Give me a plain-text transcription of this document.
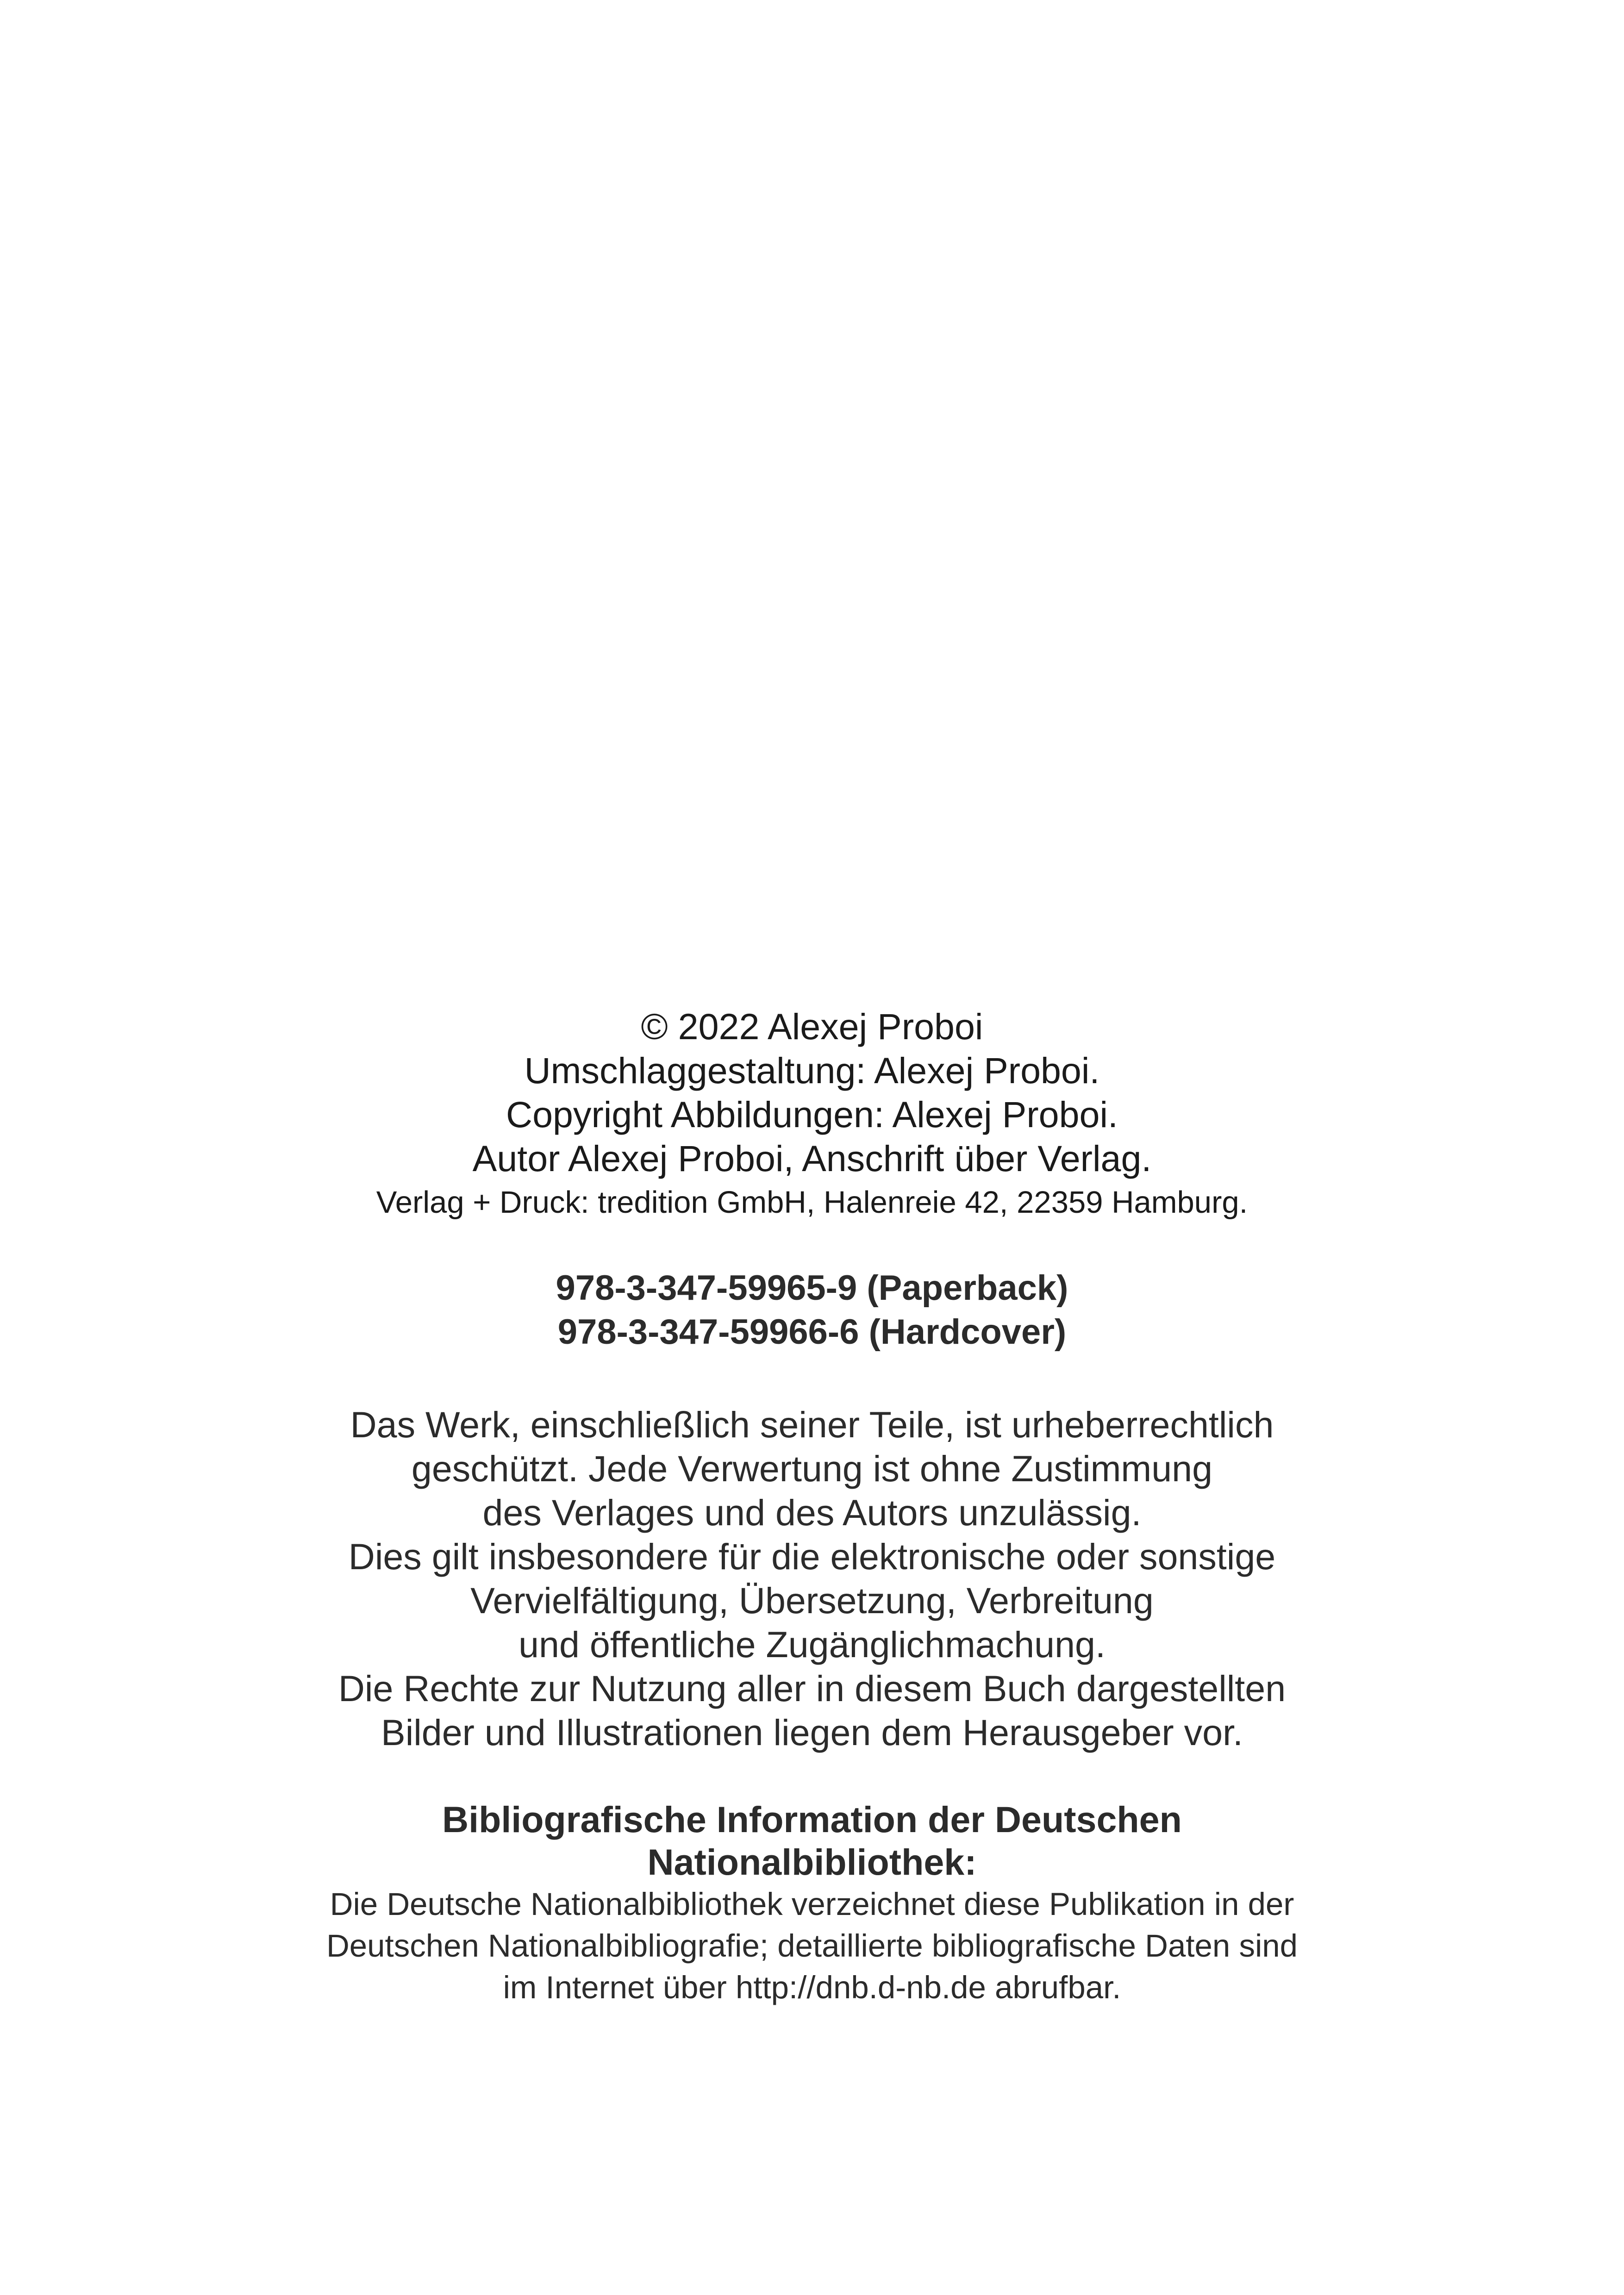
© 2022 Alexej Proboi
Umschlaggestaltung: Alexej Proboi.
Copyright Abbildungen: Alexej Proboi.
Autor Alexej Proboi, Anschrift über Verlag.
Verlag + Druck: tredition GmbH, Halenreie 42, 22359 Hamburg.
978-3-347-59965-9 (Paperback)
978-3-347-59966-6 (Hardcover)
Das Werk, einschließlich seiner Teile, ist urheberrechtlich
geschützt. Jede Verwertung ist ohne Zustimmung
des Verlages und des Autors unzulässig.
Dies gilt insbesondere für die elektronische oder sonstige
Vervielfältigung, Übersetzung, Verbreitung
und öffentliche Zugänglichmachung.
Die Rechte zur Nutzung aller in diesem Buch dargestellten
Bilder und Illustrationen liegen dem Herausgeber vor.
Bibliografische Information der Deutschen
Nationalbibliothek:
Die Deutsche Nationalbibliothek verzeichnet diese Publikation in der
Deutschen Nationalbibliografie; detaillierte bibliografische Daten sind
im Internet über http://dnb.d-nb.de abrufbar.
